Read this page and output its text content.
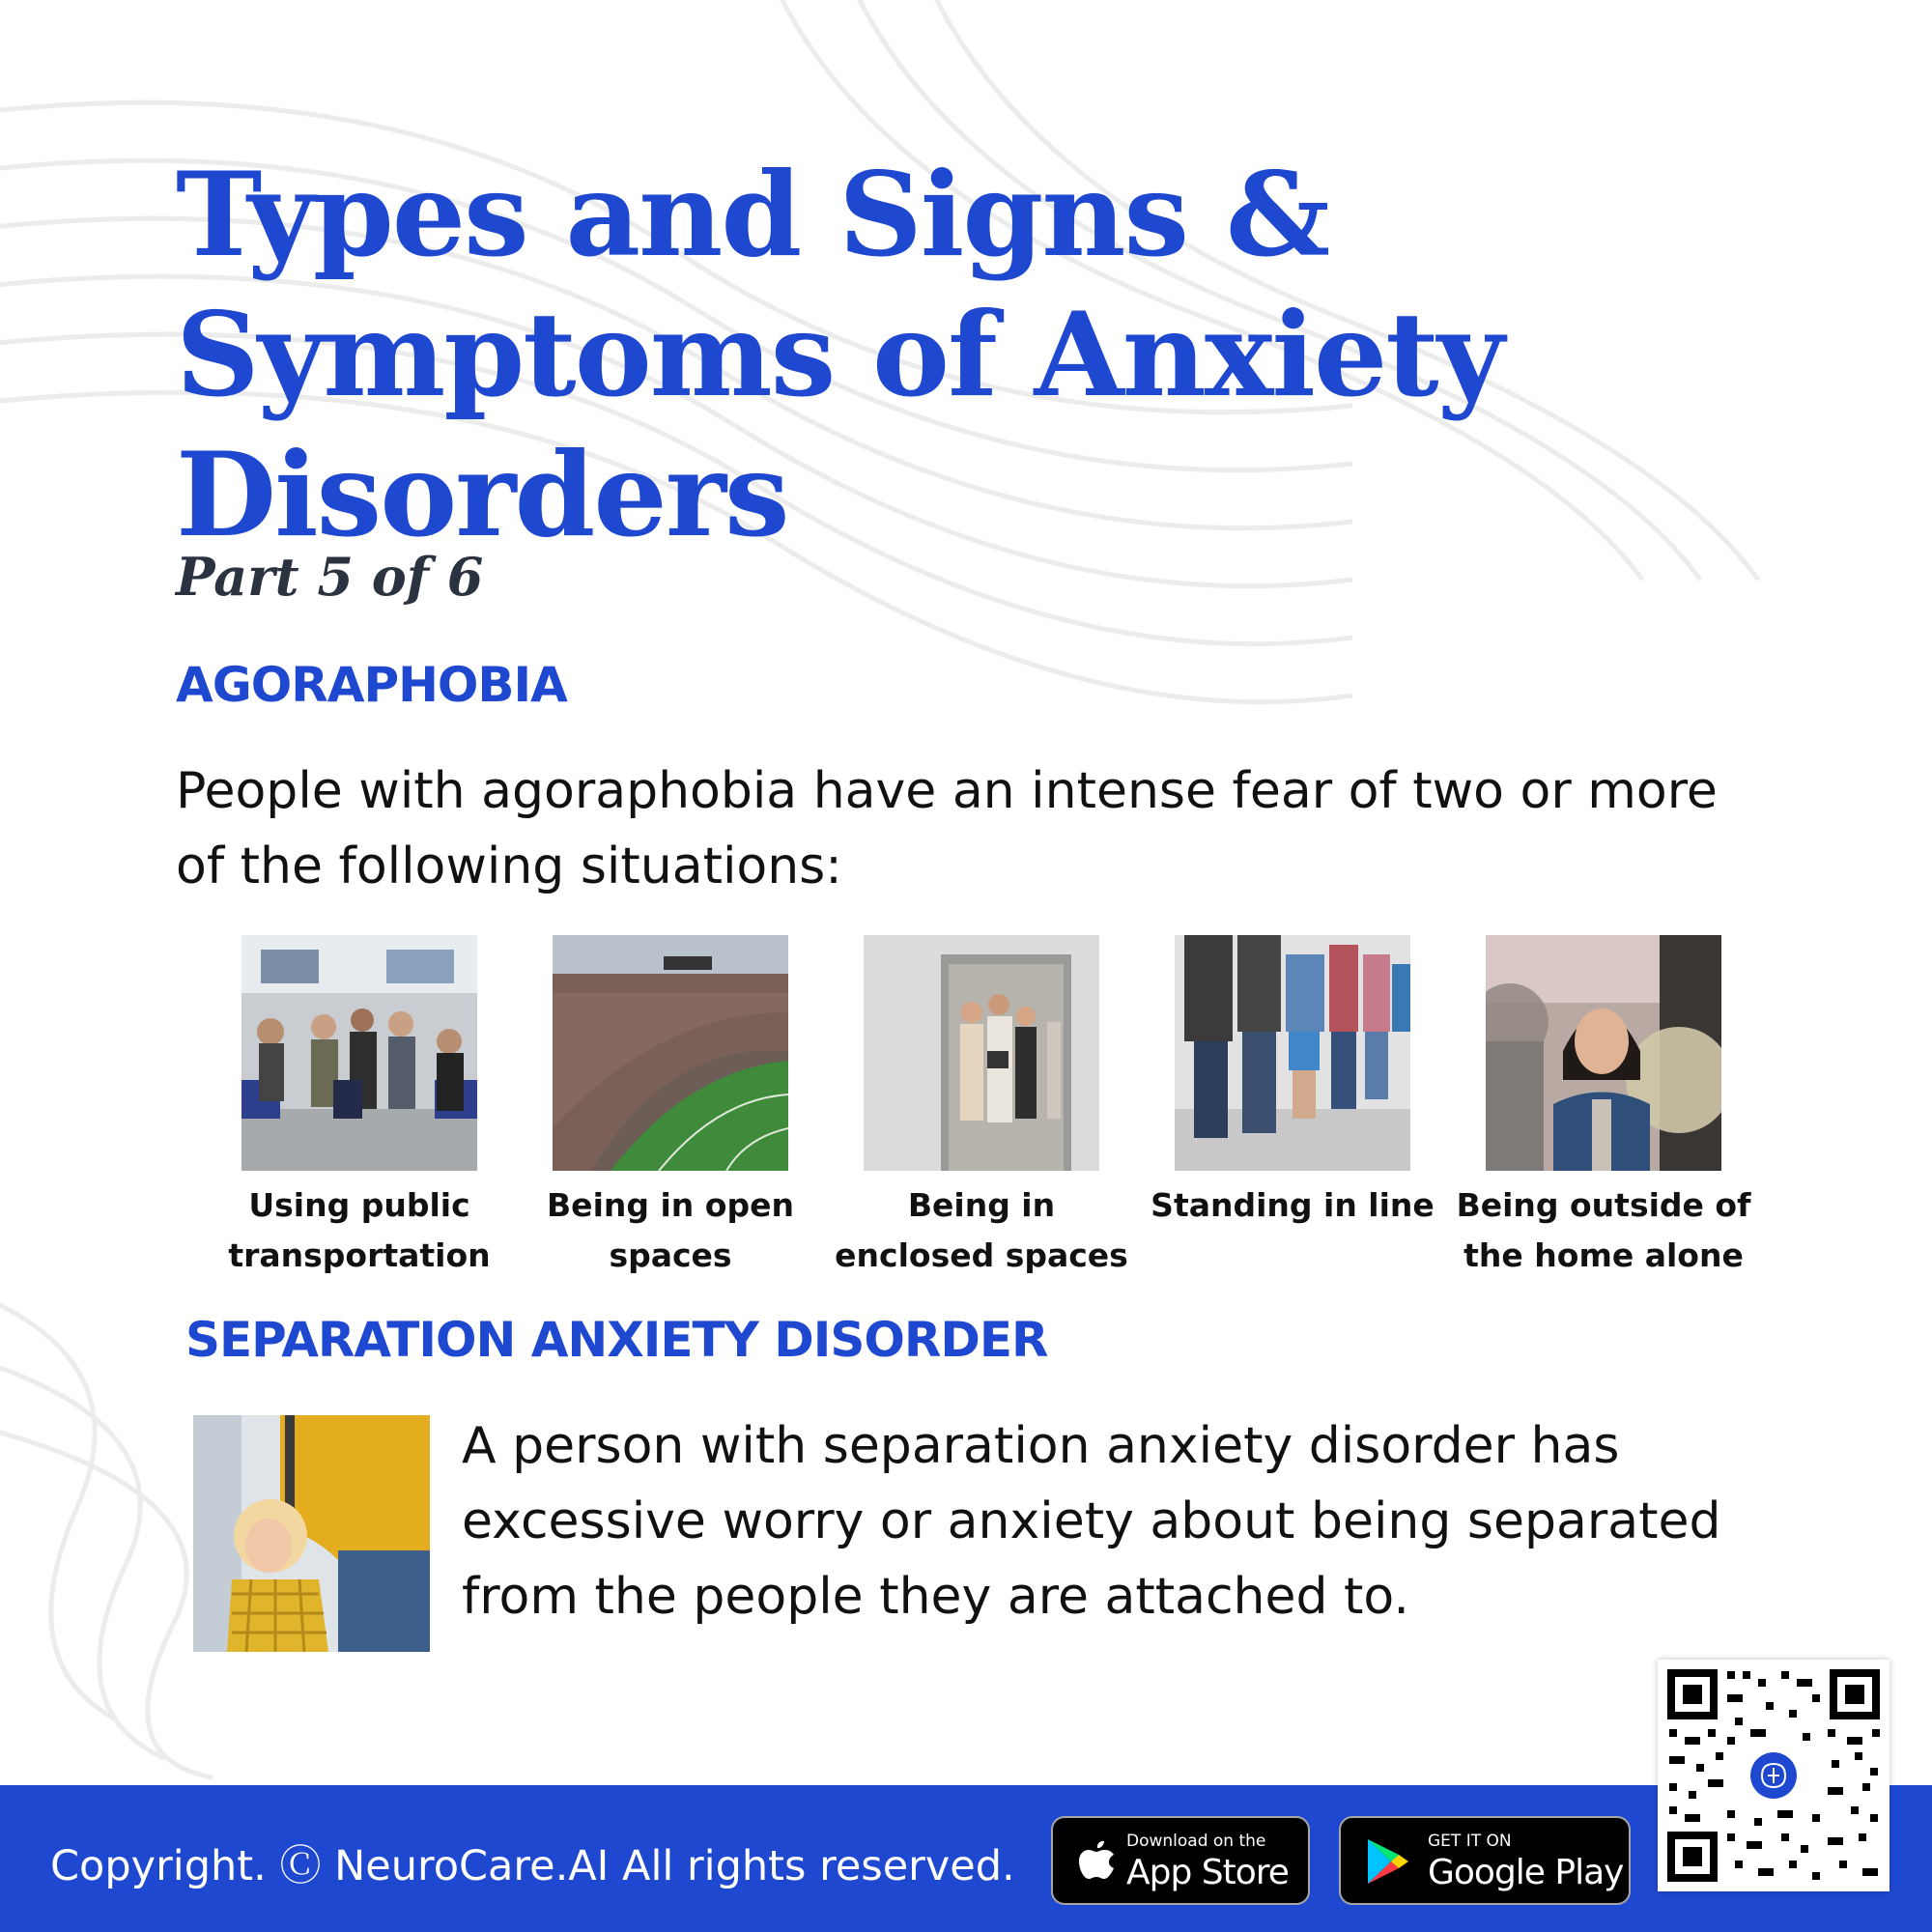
Types and Signs & Symptoms of Anxiety Disorders

Part 5 of 6

AGORAPHOBIA

People with agoraphobia have an intense fear of two or more of the following situations:

Using public transportation
Being in open spaces
Being in enclosed spaces
Standing in line Being outside of the home alone
SEPARATION ANXIETY DISORDER

A person with separation anxiety disorder has excessive worry or anxiety about being separated from the people they are attached to.

Copyright. Ⓒ NeuroCare.AI All rights reserved.

Download on the
App Store
GET IT ON
Google Play
